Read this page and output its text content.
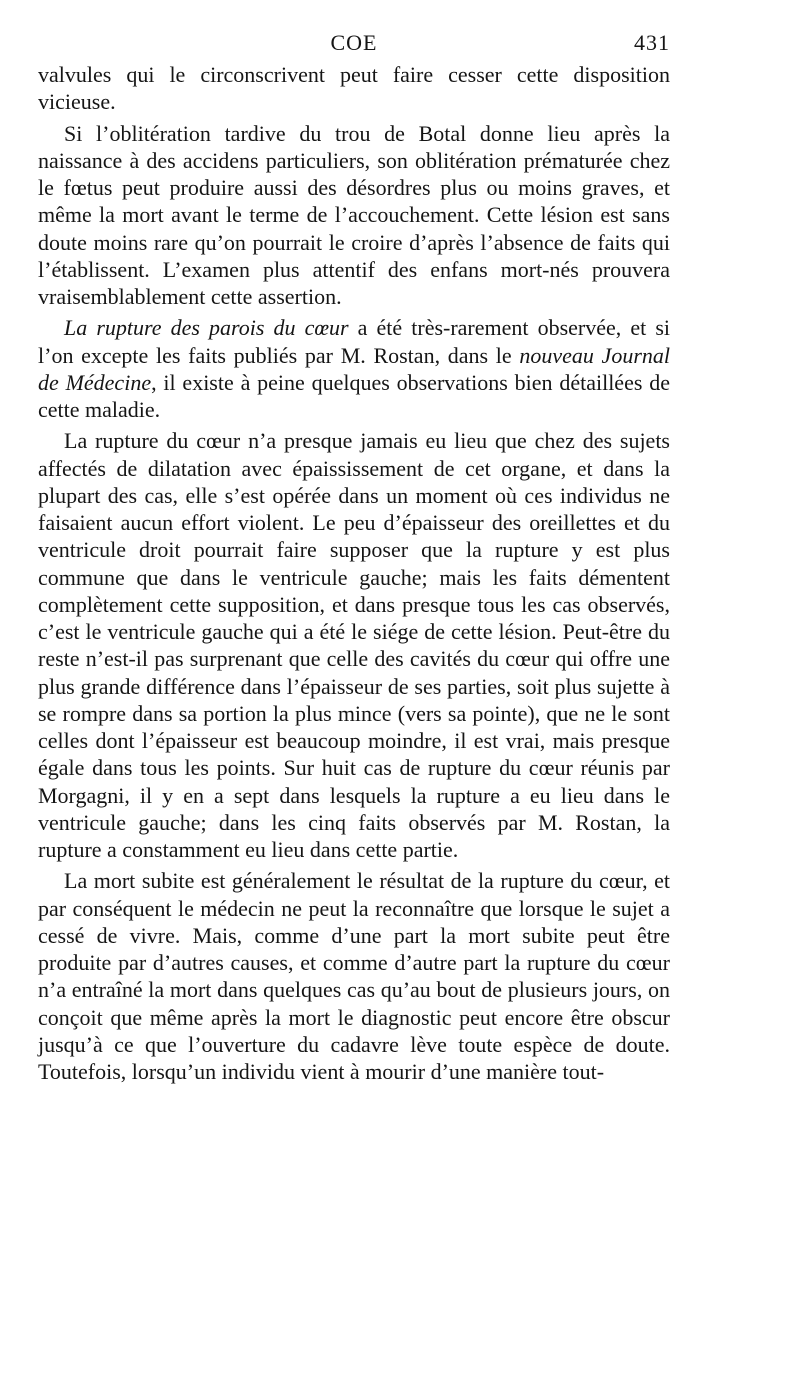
COE	431

valvules qui le circonscrivent peut faire cesser cette disposition vicieuse.

Si l’oblitération tardive du trou de Botal donne lieu après la naissance à des accidens particuliers, son oblitération prématurée chez le fœtus peut produire aussi des désordres plus ou moins graves, et même la mort avant le terme de l’accouchement. Cette lésion est sans doute moins rare qu’on pourrait le croire d’après l’absence de faits qui l’établissent. L’examen plus attentif des enfans mort-nés prouvera vraisemblablement cette assertion.

La rupture des parois du cœur a été très-rarement observée, et si l’on excepte les faits publiés par M. Rostan, dans le nouveau Journal de Médecine, il existe à peine quelques observations bien détaillées de cette maladie.

La rupture du cœur n’a presque jamais eu lieu que chez des sujets affectés de dilatation avec épaississement de cet organe, et dans la plupart des cas, elle s’est opérée dans un moment où ces individus ne faisaient aucun effort violent. Le peu d’épaisseur des oreillettes et du ventricule droit pourrait faire supposer que la rupture y est plus commune que dans le ventricule gauche; mais les faits démentent complètement cette supposition, et dans presque tous les cas observés, c’est le ventricule gauche qui a été le siége de cette lésion. Peut-être du reste n’est-il pas surprenant que celle des cavités du cœur qui offre une plus grande différence dans l’épaisseur de ses parties, soit plus sujette à se rompre dans sa portion la plus mince (vers sa pointe), que ne le sont celles dont l’épaisseur est beaucoup moindre, il est vrai, mais presque égale dans tous les points. Sur huit cas de rupture du cœur réunis par Morgagni, il y en a sept dans lesquels la rupture a eu lieu dans le ventricule gauche; dans les cinq faits observés par M. Rostan, la rupture a constamment eu lieu dans cette partie.

La mort subite est généralement le résultat de la rupture du cœur, et par conséquent le médecin ne peut la reconnaître que lorsque le sujet a cessé de vivre. Mais, comme d’une part la mort subite peut être produite par d’autres causes, et comme d’autre part la rupture du cœur n’a entraîné la mort dans quelques cas qu’au bout de plusieurs jours, on conçoit que même après la mort le diagnostic peut encore être obscur jusqu’à ce que l’ouverture du cadavre lève toute espèce de doute. Toutefois, lorsqu’un individu vient à mourir d’une manière tout-
